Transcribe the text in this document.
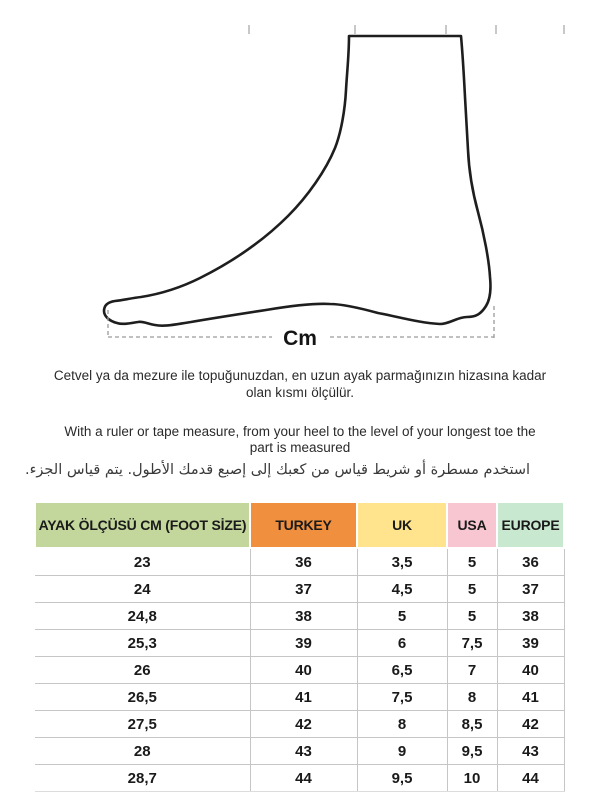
Cm

Cetvel ya da mezure ile topuğunuzdan, en uzun ayak parmağınızın hizasına kadar olan kısmı ölçülür.

With a ruler or tape measure, from your heel to the level of your longest toe the part is measured

استخدم مسطرة أو شريط قياس من كعبك إلى إصبع قدمك الأطول. يتم قياس الجزء.

AYAK ÖLÇÜSÜ CM (FOOT SİZE)	TURKEY	UK	USA	EUROPE
23	36	3,5	5	36
24	37	4,5	5	37
24,8	38	5	5	38
25,3	39	6	7,5	39
26	40	6,5	7	40
26,5	41	7,5	8	41
27,5	42	8	8,5	42
28	43	9	9,5	43
28,7	44	9,5	10	44
